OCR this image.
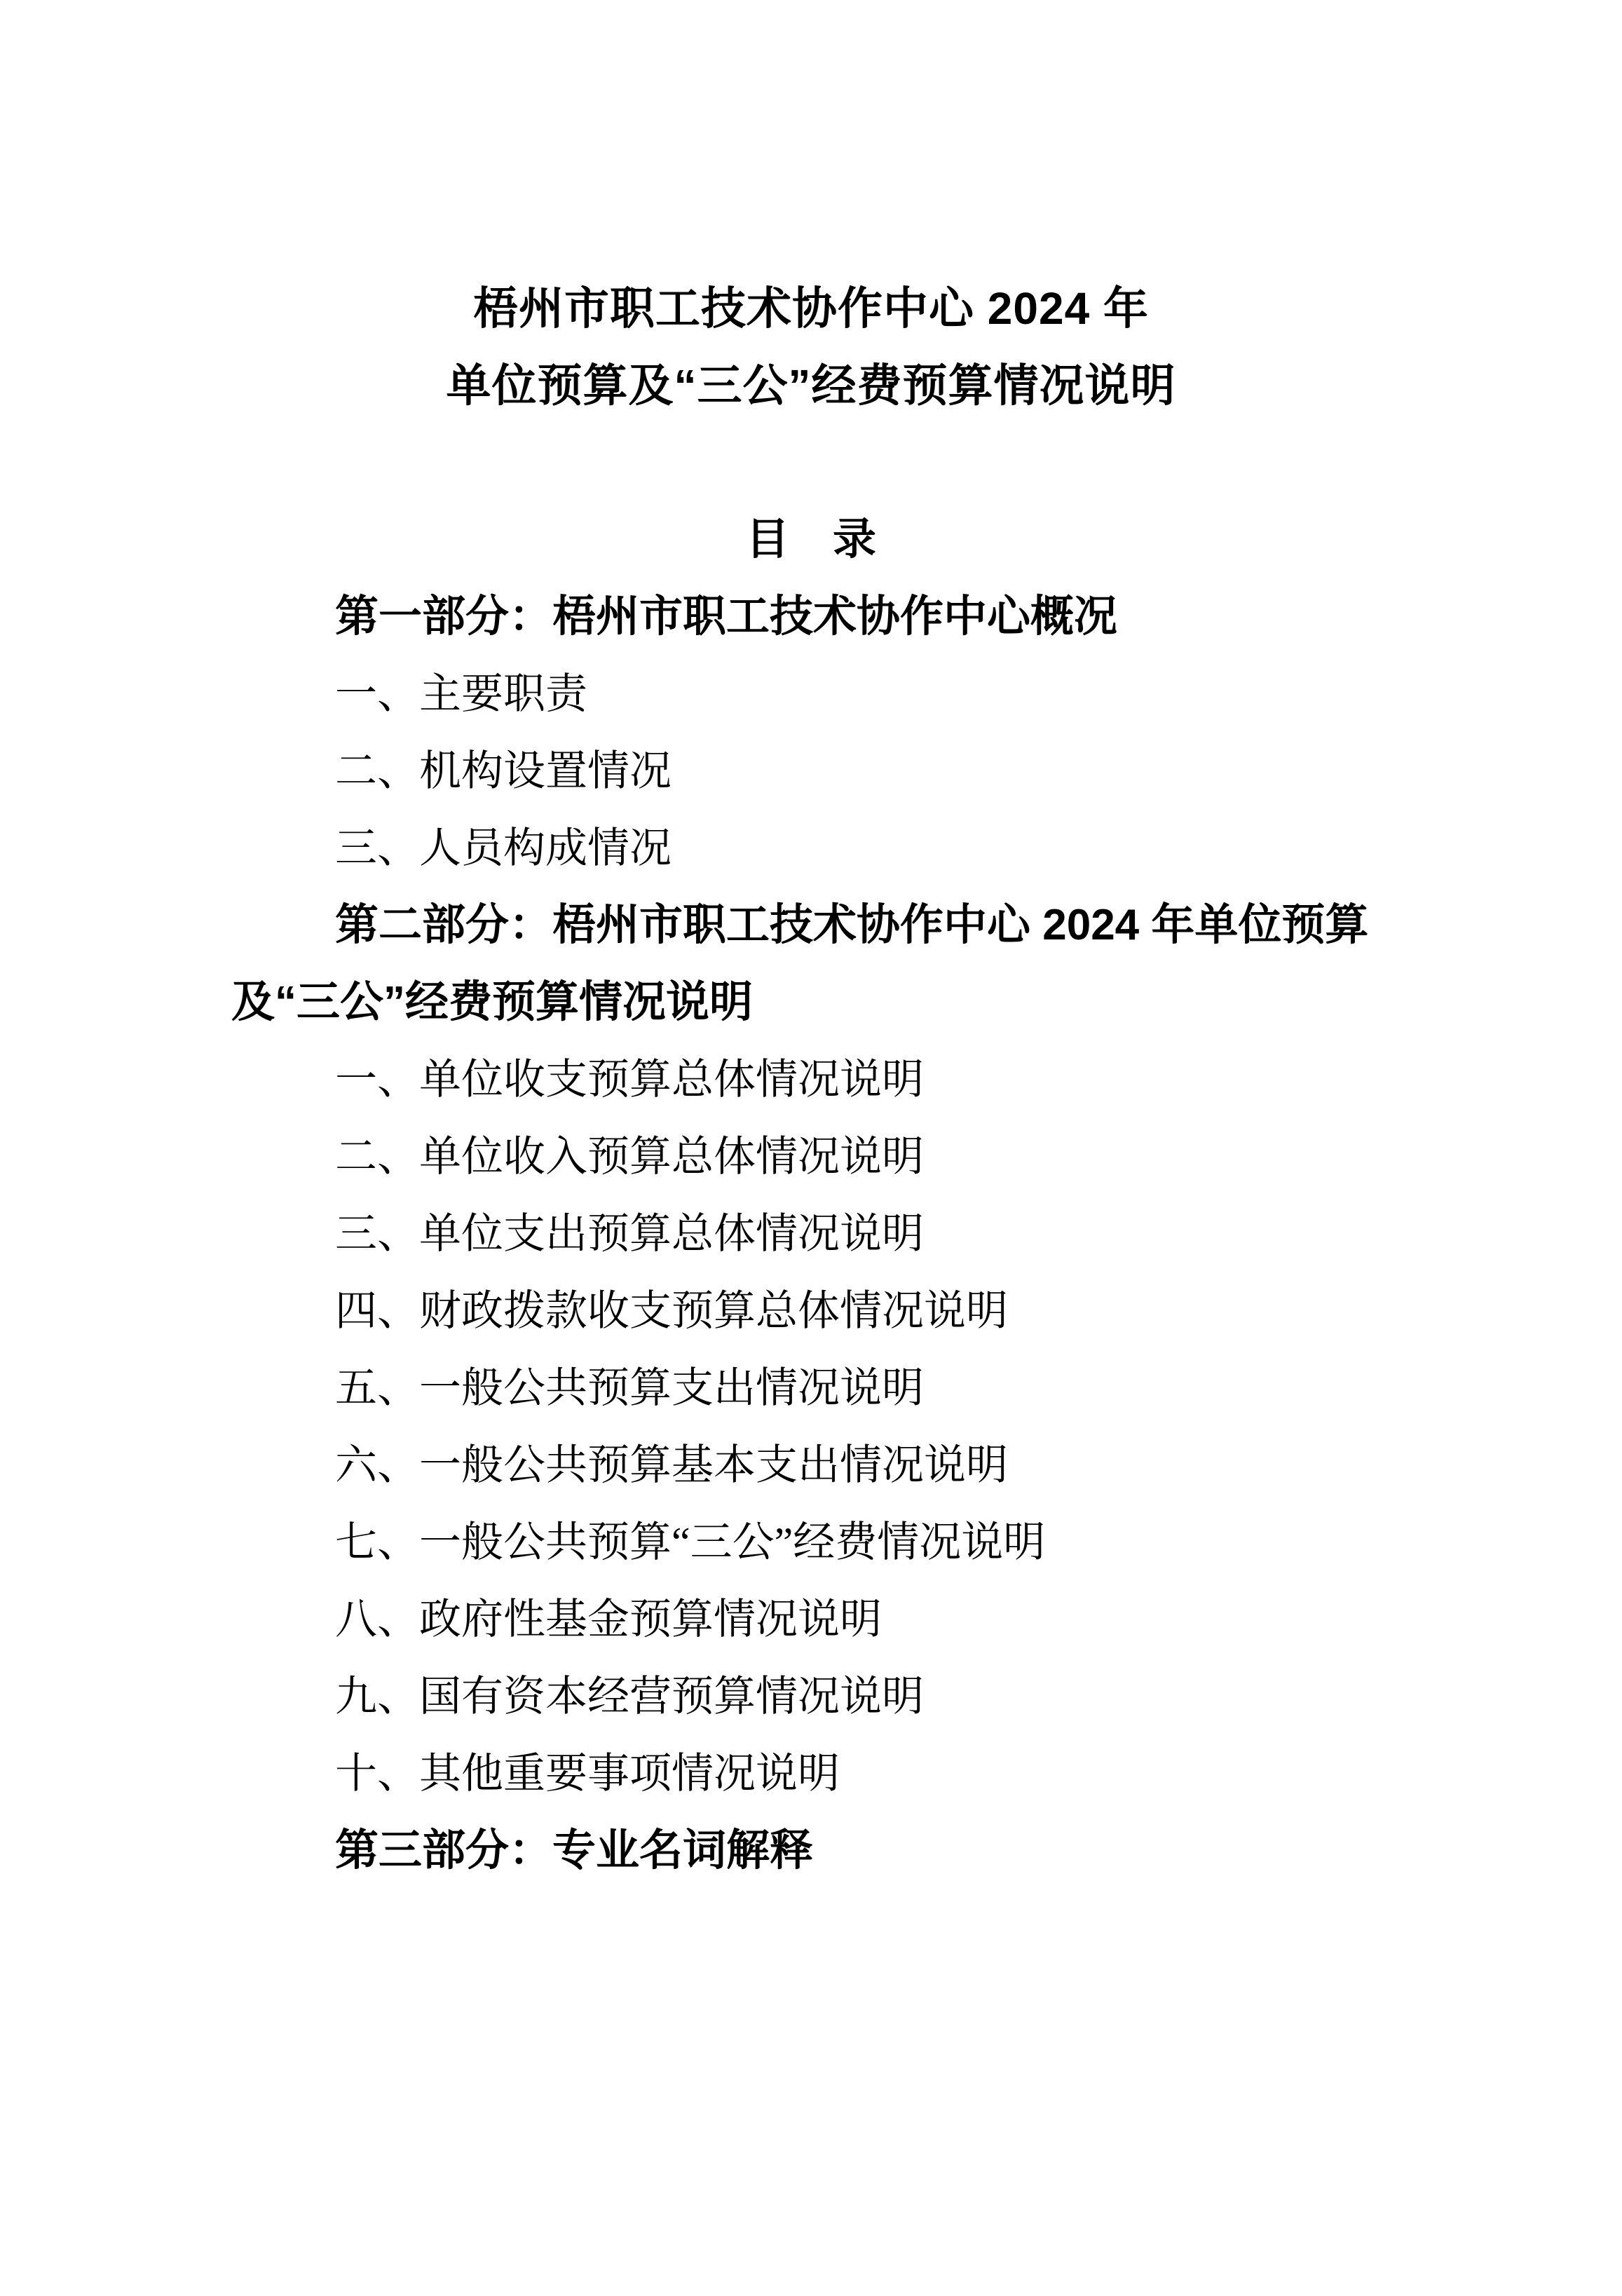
梧州市职工技术协作中心 2024 年
单位预算及“三公”经费预算情况说明
目　录
第一部分：梧州市职工技术协作中心概况
一、主要职责
二、机构设置情况
三、人员构成情况
第二部分：梧州市职工技术协作中心 2024 年单位预算
及“三公”经费预算情况说明
一、单位收支预算总体情况说明
二、单位收入预算总体情况说明
三、单位支出预算总体情况说明
四、财政拨款收支预算总体情况说明
五、一般公共预算支出情况说明
六、一般公共预算基本支出情况说明
七、一般公共预算“三公”经费情况说明
八、政府性基金预算情况说明
九、国有资本经营预算情况说明
十、其他重要事项情况说明
第三部分：专业名词解释
